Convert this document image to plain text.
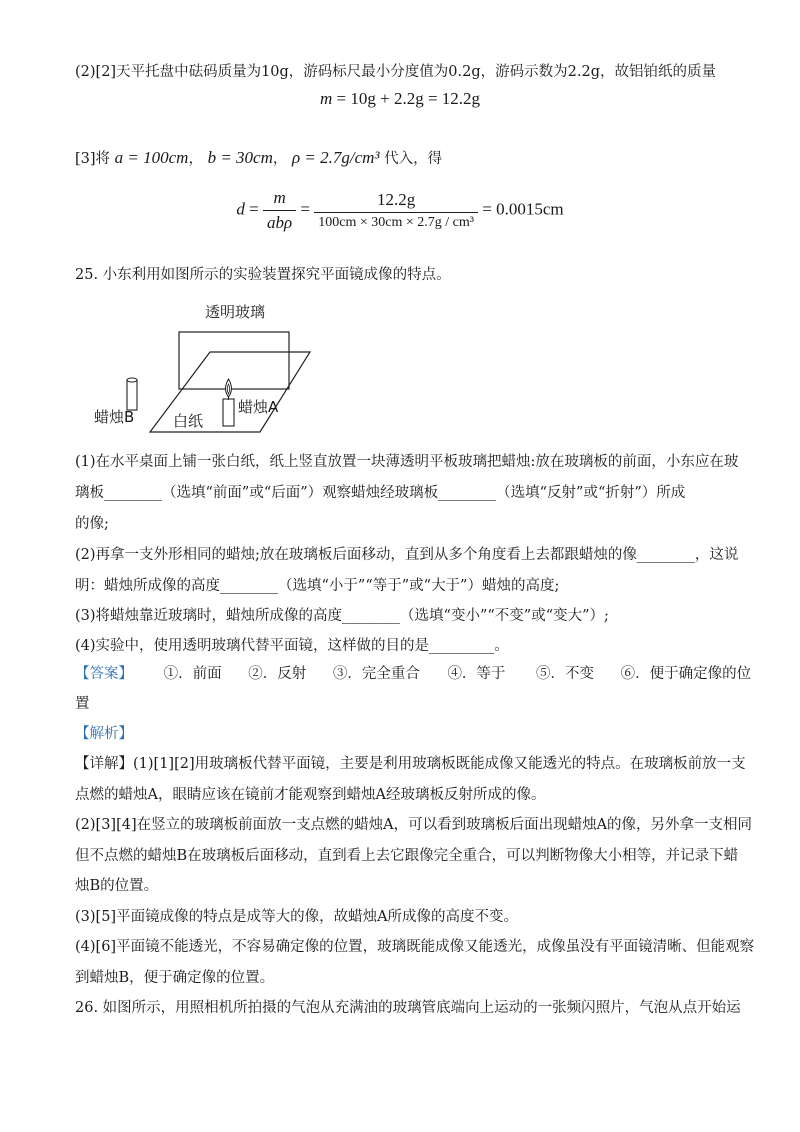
(2)[2]天平托盘中砝码质量为10g，游码标尺最小分度值为0.2g，游码示数为2.2g，故铝铂纸的质量
m = 10g + 2.2g = 12.2g
[3]将 a = 100cm， b = 30cm， ρ = 2.7g/cm³ 代入，得
$d = \frac{m}{\text{abρ}} = \frac{12.2g}{\text{100cm × 30cm × 2.7g / cm³}} = 0.0015cm$
25. 小东利用如图所示的实验装置探究平面镜成像的特点。
透明玻璃
蜡烛B	白纸
蜡烛A
(1)在水平桌面上铺一张白纸，纸上竖直放置一块薄透明平板玻璃把蜡烛:放在玻璃板的前面，小东应在玻
璃板________（选填“前面”或“后面”）观察蜡烛经玻璃板________（选填“反射”或“折射”）所成
的像;
(2)再拿一支外形相同的蜡烛;放在玻璃板后面移动，直到从多个角度看上去都跟蜡烛的像________，这说
明：蜡烛所成像的高度________（选填“小于”“等于”或“大于”）蜡烛的高度;
(3)将蜡烛靠近玻璃时，蜡烛所成像的高度________（选填“变小”“不变”或“变大”）;
(4)实验中，使用透明玻璃代替平面镜，这样做的目的是_________。
【答案】 ①．前面 ②．反射 ③．完全重合 ④．等于 ⑤．不变 ⑥．便于确定像的位
置
【解析】
【详解】(1)[1][2]用玻璃板代替平面镜，主要是利用玻璃板既能成像又能透光的特点。在玻璃板前放一支
点燃的蜡烛A，眼睛应该在镜前才能观察到蜡烛A经玻璃板反射所成的像。
(2)[3][4]在竖立的玻璃板前面放一支点燃的蜡烛A，可以看到玻璃板后面出现蜡烛A的像，另外拿一支相同
但不点燃的蜡烛B在玻璃板后面移动，直到看上去它跟像完全重合，可以判断物像大小相等，并记录下蜡
烛B的位置。
(3)[5]平面镜成像的特点是成等大的像，故蜡烛A所成像的高度不变。
(4)[6]平面镜不能透光，不容易确定像的位置，玻璃既能成像又能透光，成像虽没有平面镜清晰、但能观察
到蜡烛B，便于确定像的位置。
26. 如图所示，用照相机所拍摄的气泡从充满油的玻璃管底端向上运动的一张频闪照片，气泡从点开始运
